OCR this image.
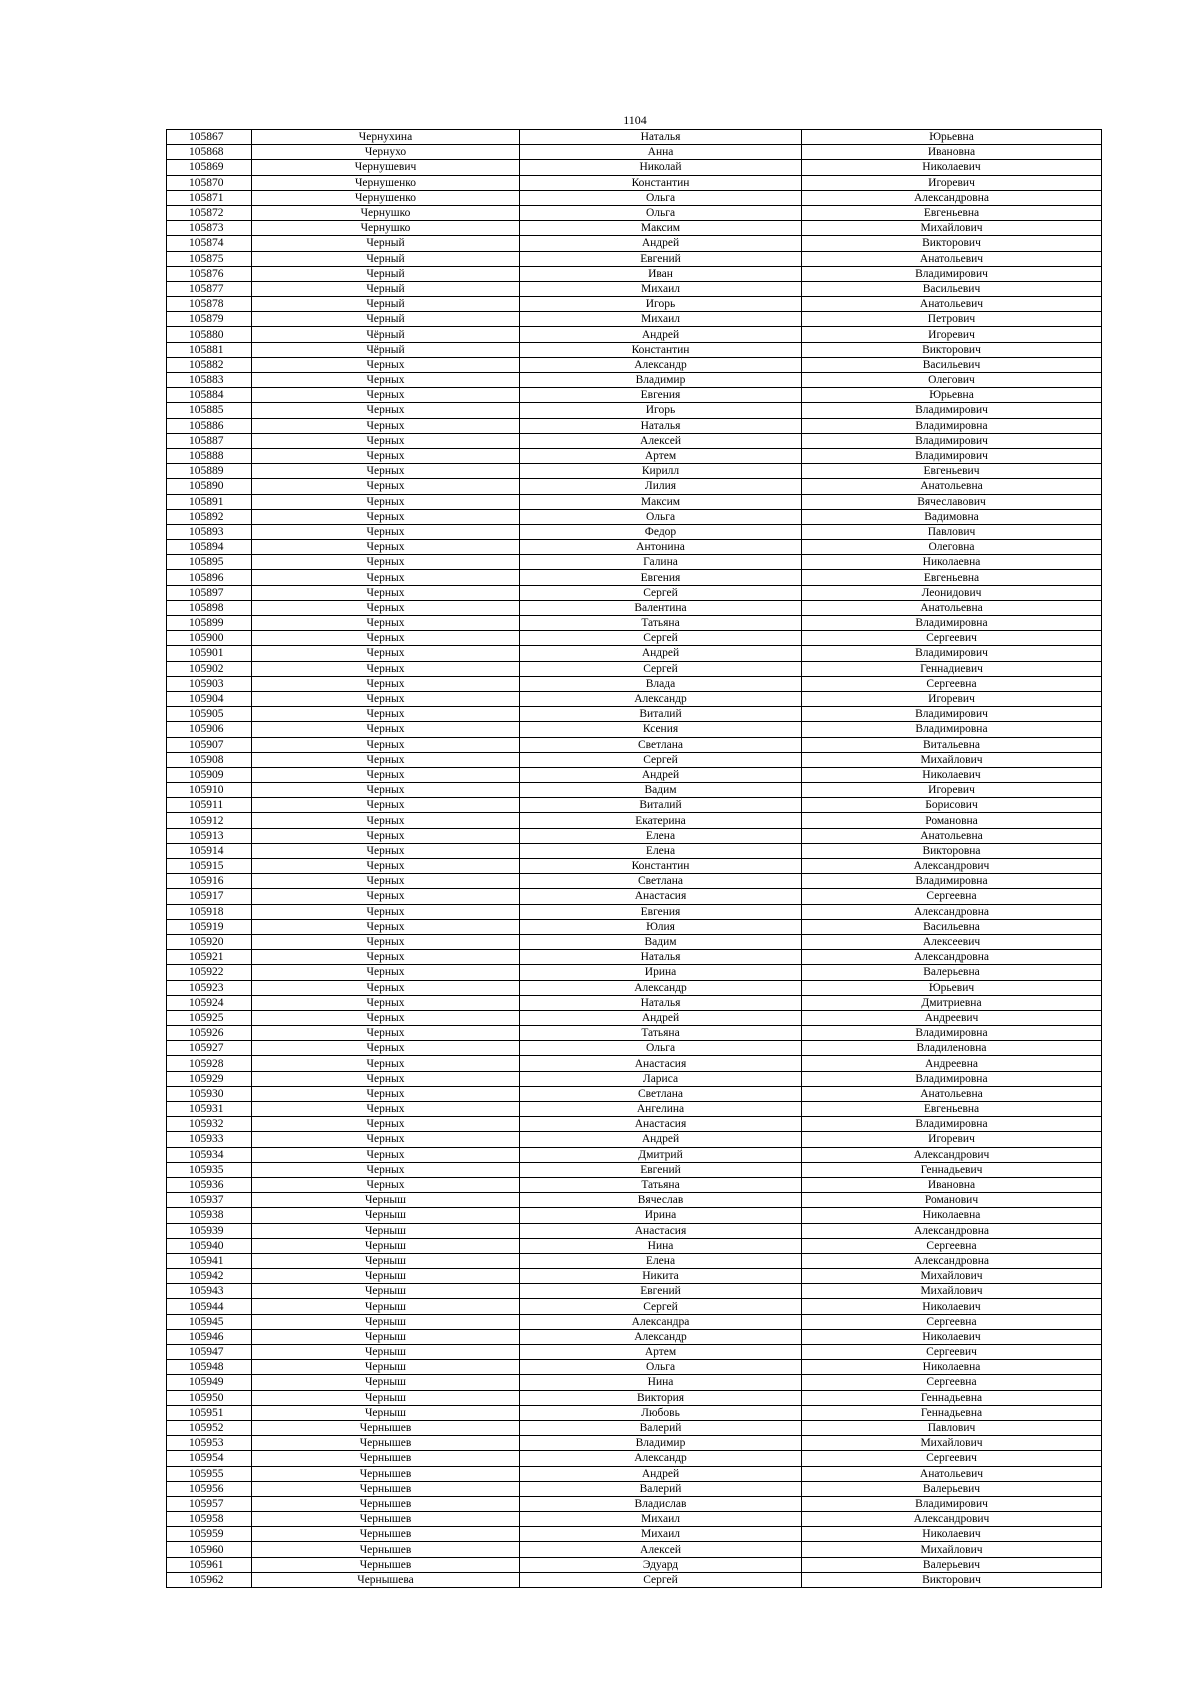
1104
105867	Чернухина	Наталья	Юрьевна
105868	Чернухо	Анна	Ивановна
105869	Чернушевич	Николай	Николаевич
105870	Чернушенко	Константин	Игоревич
105871	Чернушенко	Ольга	Александровна
105872	Чернушко	Ольга	Евгеньевна
105873	Чернушко	Максим	Михайлович
105874	Черный	Андрей	Викторович
105875	Черный	Евгений	Анатольевич
105876	Черный	Иван	Владимирович
105877	Черный	Михаил	Васильевич
105878	Черный	Игорь	Анатольевич
105879	Черный	Михаил	Петрович
105880	Чёрный	Андрей	Игоревич
105881	Чёрный	Константин	Викторович
105882	Черных	Александр	Васильевич
105883	Черных	Владимир	Олегович
105884	Черных	Евгения	Юрьевна
105885	Черных	Игорь	Владимирович
105886	Черных	Наталья	Владимировна
105887	Черных	Алексей	Владимирович
105888	Черных	Артем	Владимирович
105889	Черных	Кирилл	Евгеньевич
105890	Черных	Лилия	Анатольевна
105891	Черных	Максим	Вячеславович
105892	Черных	Ольга	Вадимовна
105893	Черных	Федор	Павлович
105894	Черных	Антонина	Олеговна
105895	Черных	Галина	Николаевна
105896	Черных	Евгения	Евгеньевна
105897	Черных	Сергей	Леонидович
105898	Черных	Валентина	Анатольевна
105899	Черных	Татьяна	Владимировна
105900	Черных	Сергей	Сергеевич
105901	Черных	Андрей	Владимирович
105902	Черных	Сергей	Геннадиевич
105903	Черных	Влада	Сергеевна
105904	Черных	Александр	Игоревич
105905	Черных	Виталий	Владимирович
105906	Черных	Ксения	Владимировна
105907	Черных	Светлана	Витальевна
105908	Черных	Сергей	Михайлович
105909	Черных	Андрей	Николаевич
105910	Черных	Вадим	Игоревич
105911	Черных	Виталий	Борисович
105912	Черных	Екатерина	Романовна
105913	Черных	Елена	Анатольевна
105914	Черных	Елена	Викторовна
105915	Черных	Константин	Александрович
105916	Черных	Светлана	Владимировна
105917	Черных	Анастасия	Сергеевна
105918	Черных	Евгения	Александровна
105919	Черных	Юлия	Васильевна
105920	Черных	Вадим	Алексеевич
105921	Черных	Наталья	Александровна
105922	Черных	Ирина	Валерьевна
105923	Черных	Александр	Юрьевич
105924	Черных	Наталья	Дмитриевна
105925	Черных	Андрей	Андреевич
105926	Черных	Татьяна	Владимировна
105927	Черных	Ольга	Владиленовна
105928	Черных	Анастасия	Андреевна
105929	Черных	Лариса	Владимировна
105930	Черных	Светлана	Анатольевна
105931	Черных	Ангелина	Евгеньевна
105932	Черных	Анастасия	Владимировна
105933	Черных	Андрей	Игоревич
105934	Черных	Дмитрий	Александрович
105935	Черных	Евгений	Геннадьевич
105936	Черных	Татьяна	Ивановна
105937	Черныш	Вячеслав	Романович
105938	Черныш	Ирина	Николаевна
105939	Черныш	Анастасия	Александровна
105940	Черныш	Нина	Сергеевна
105941	Черныш	Елена	Александровна
105942	Черныш	Никита	Михайлович
105943	Черныш	Евгений	Михайлович
105944	Черныш	Сергей	Николаевич
105945	Черныш	Александра	Сергеевна
105946	Черныш	Александр	Николаевич
105947	Черныш	Артем	Сергеевич
105948	Черныш	Ольга	Николаевна
105949	Черныш	Нина	Сергеевна
105950	Черныш	Виктория	Геннадьевна
105951	Черныш	Любовь	Геннадьевна
105952	Чернышев	Валерий	Павлович
105953	Чернышев	Владимир	Михайлович
105954	Чернышев	Александр	Сергеевич
105955	Чернышев	Андрей	Анатольевич
105956	Чернышев	Валерий	Валерьевич
105957	Чернышев	Владислав	Владимирович
105958	Чернышев	Михаил	Александрович
105959	Чернышев	Михаил	Николаевич
105960	Чернышев	Алексей	Михайлович
105961	Чернышев	Эдуард	Валерьевич
105962	Чернышева	Сергей	Викторович
